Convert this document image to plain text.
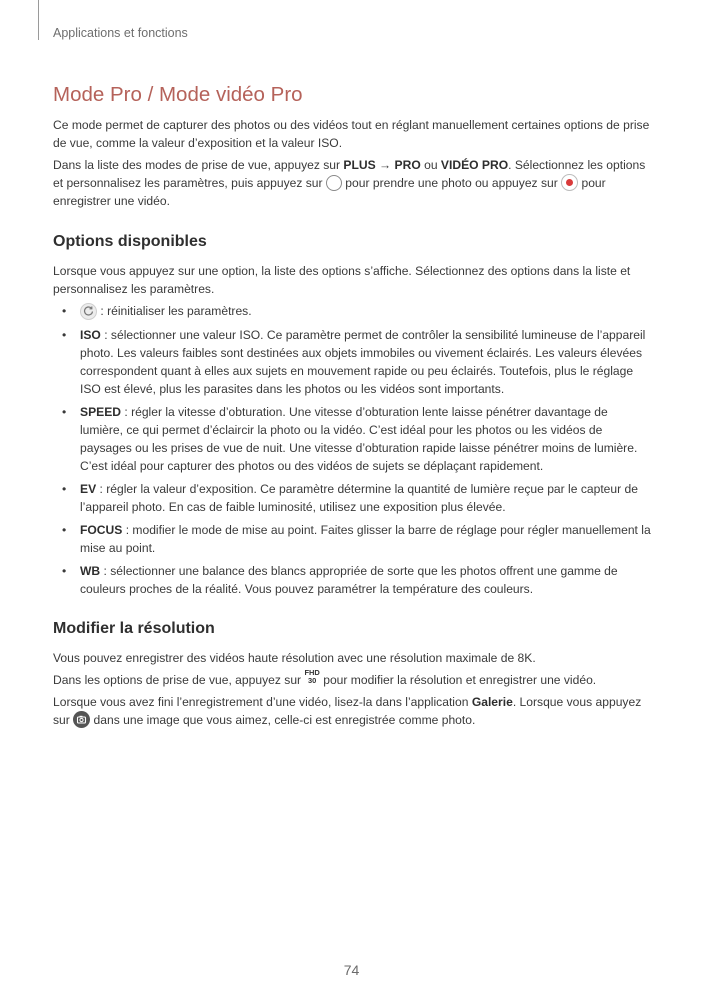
Applications et fonctions
Mode Pro / Mode vidéo Pro

Ce mode permet de capturer des photos ou des vidéos tout en réglant manuellement certaines options de prise de vue, comme la valeur d’exposition et la valeur ISO.

Dans la liste des modes de prise de vue, appuyez sur PLUS → PRO ou VIDÉO PRO. Sélectionnez les options et personnalisez les paramètres, puis appuyez sur  pour prendre une photo ou appuyez sur  pour enregistrer une vidéo.

Options disponibles

Lorsque vous appuyez sur une option, la liste des options s’affiche. Sélectionnez des options dans la liste et personnalisez les paramètres.

•	: réinitialiser les paramètres.
• ISO : sélectionner une valeur ISO. Ce paramètre permet de contrôler la sensibilité lumineuse de l’appareil photo. Les valeurs faibles sont destinées aux objets immobiles ou vivement éclairés. Les valeurs élevées correspondent quant à elles aux sujets en mouvement rapide ou peu éclairés. Toutefois, plus le réglage ISO est élevé, plus les parasites dans les photos ou les vidéos sont importants.
• SPEED : régler la vitesse d’obturation. Une vitesse d’obturation lente laisse pénétrer davantage de lumière, ce qui permet d’éclaircir la photo ou la vidéo. C’est idéal pour les photos ou les vidéos de paysages ou les prises de vue de nuit. Une vitesse d’obturation rapide laisse pénétrer moins de lumière. C’est idéal pour capturer des photos ou des vidéos de sujets se déplaçant rapidement.
• EV : régler la valeur d’exposition. Ce paramètre détermine la quantité de lumière reçue par le capteur de l’appareil photo. En cas de faible luminosité, utilisez une exposition plus élevée.
• FOCUS : modifier le mode de mise au point. Faites glisser la barre de réglage pour régler manuellement la mise au point.
• WB : sélectionner une balance des blancs appropriée de sorte que les photos offrent une gamme de couleurs proches de la réalité. Vous pouvez paramétrer la température des couleurs.
Modifier la résolution

Vous pouvez enregistrer des vidéos haute résolution avec une résolution maximale de 8K.

Dans les options de prise de vue, appuyez sur FHD
30 pour modifier la résolution et enregistrer une vidéo.

Lorsque vous avez fini l’enregistrement d’une vidéo, lisez-la dans l’application Galerie. Lorsque vous appuyez sur
dans une image que vous aimez, celle-ci est enregistrée comme photo.

74
